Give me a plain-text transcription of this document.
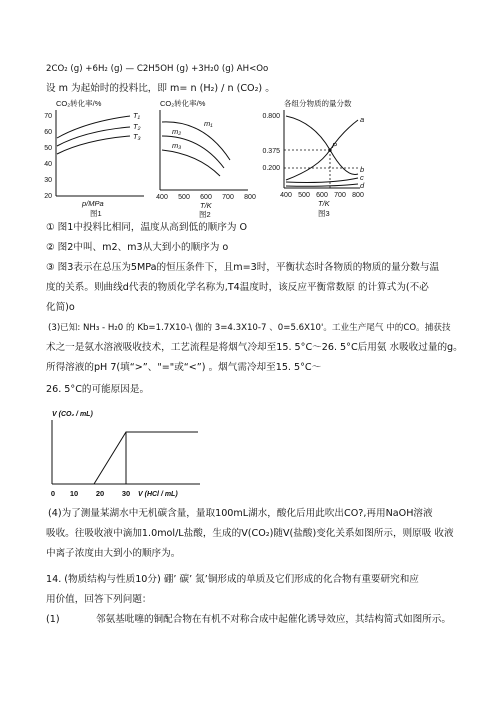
2CO₂ (g) +6H₂ (g) — C2H5OH (g) +3H₂0 (g) AH<Oo
设 m 为起始时的投料比，即 m= n (H₂) / n (CO₂) 。
CO₂转化率/%
70
60
50
40
30
20
T₁
T₂
T₃
p/MPa
图1
CO₂转化率/%
m₁
m₂
m₃
400 500 600 700 800
T/K
图2
各组分物质的量分数
0.800
0.375
0.200
P
a
b
c
d
400 500 600 700 800
T/K
图3
① 图1中投料比相同，温度从高到低的顺序为 O
② 图2中叫、m2、m3从大到小的顺序为 o
③ 图3表示在总压为5MPa的恒压条件下，且m=3时，平衡状态时各物质的物质的量分数与温
度的关系。则曲线d代表的物质化学名称为,T4温度时，该反应平衡常数原 的计算式为(不必
化简)o
(3)已知: NH₃ - H₂0 的 Kb=1.7X10-\ 伽的 3=4.3X10-7 、0=5.6X10'。工业生产尾气 中的CO。捕获技
术之一是氨水溶液吸收技术，工艺流程是将烟气冷却至15. 5°C～26. 5°C后用氨 水吸收过量的g。
所得溶液的pH 7(填“>”、"="或“<”) 。烟气需冷却至15. 5°C～
26. 5°C的可能原因是。
V (CO₂ / mL)
0 10 20 30 V (HCl / mL)
(4)为了测量某湖水中无机碳含量，量取100mL湖水，酸化后用此吹出CO?,再用NaOH溶液
吸收。往吸收液中滴加1.0mol/L盐酸，生成的V(CO₂)随V(盐酸)变化关系如图所示，则原吸 收液
中离子浓度由大到小的顺序为。
14. (物质结构与性质10分) 硼’ 碳’ 氮’铜形成的单质及它们形成的化合物有重要研究和应
用价值，回答下列问题：
(1)	邻氨基吡噻的铜配合物在有机不对称合成中起催化诱导效应，其结构简式如图所示。
